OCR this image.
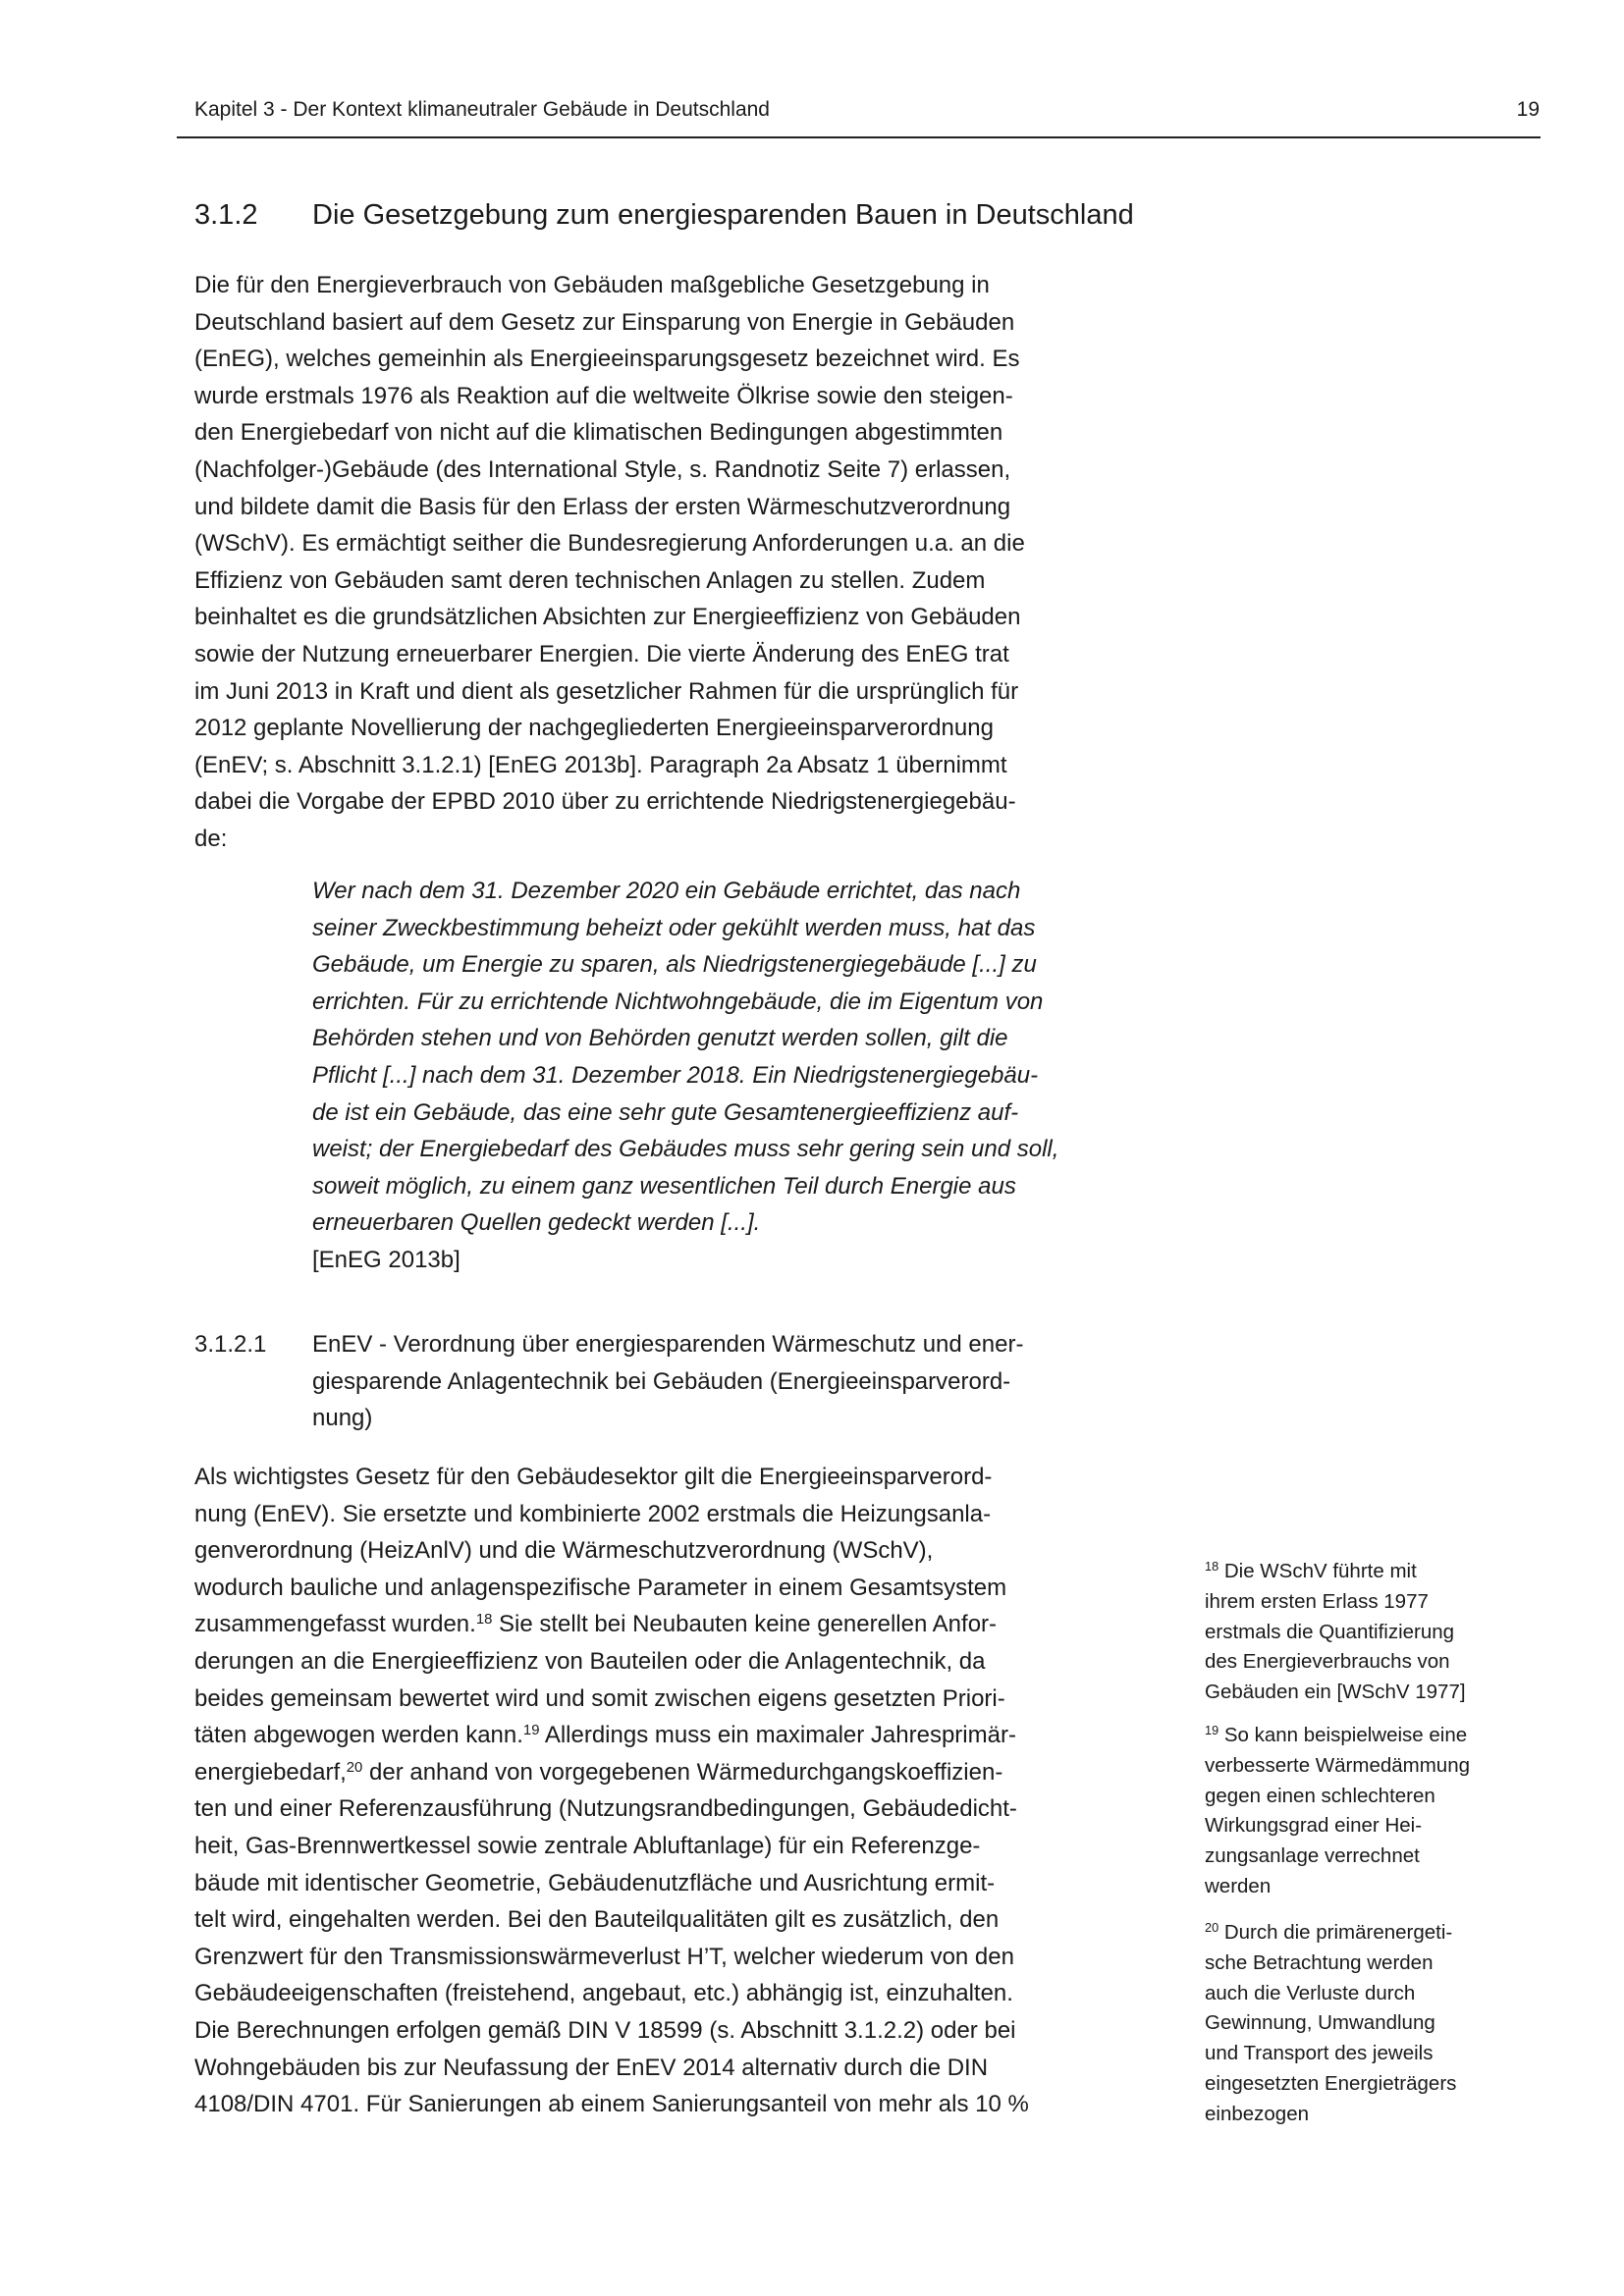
Kapitel 3 - Der Kontext klimaneutraler Gebäude in Deutschland	19
3.1.2 Die Gesetzgebung zum energiesparenden Bauen in Deutschland
Die für den Energieverbrauch von Gebäuden maßgebliche Gesetzgebung in
Deutschland basiert auf dem Gesetz zur Einsparung von Energie in Gebäuden
(EnEG), welches gemeinhin als Energieeinsparungsgesetz bezeichnet wird. Es
wurde erstmals 1976 als Reaktion auf die weltweite Ölkrise sowie den steigen-
den Energiebedarf von nicht auf die klimatischen Bedingungen abgestimmten
(Nachfolger-)Gebäude (des International Style, s. Randnotiz Seite 7) erlassen,
und bildete damit die Basis für den Erlass der ersten Wärmeschutzverordnung
(WSchV). Es ermächtigt seither die Bundesregierung Anforderungen u.a. an die
Effizienz von Gebäuden samt deren technischen Anlagen zu stellen. Zudem
beinhaltet es die grundsätzlichen Absichten zur Energieeffizienz von Gebäuden
sowie der Nutzung erneuerbarer Energien. Die vierte Änderung des EnEG trat
im Juni 2013 in Kraft und dient als gesetzlicher Rahmen für die ursprünglich für
2012 geplante Novellierung der nachgegliederten Energieeinsparverordnung
(EnEV; s. Abschnitt 3.1.2.1) [EnEG 2013b]. Paragraph 2a Absatz 1 übernimmt
dabei die Vorgabe der EPBD 2010 über zu errichtende Niedrigstenergiegebäu-
de:
Wer nach dem 31. Dezember 2020 ein Gebäude errichtet, das nach
seiner Zweckbestimmung beheizt oder gekühlt werden muss, hat das
Gebäude, um Energie zu sparen, als Niedrigstenergiegebäude [...] zu
errichten. Für zu errichtende Nichtwohngebäude, die im Eigentum von
Behörden stehen und von Behörden genutzt werden sollen, gilt die
Pflicht [...] nach dem 31. Dezember 2018. Ein Niedrigstenergiegebäu-
de ist ein Gebäude, das eine sehr gute Gesamtenergieeffizienz auf-
weist; der Energiebedarf des Gebäudes muss sehr gering sein und soll,
soweit möglich, zu einem ganz wesentlichen Teil durch Energie aus
erneuerbaren Quellen gedeckt werden [...].
[EnEG 2013b]
3.1.2.1 EnEV - Verordnung über energiesparenden Wärmeschutz und ener-
giesparende Anlagentechnik bei Gebäuden (Energieeinsparverord-
nung)
Als wichtigstes Gesetz für den Gebäudesektor gilt die Energieeinsparverord-
nung (EnEV). Sie ersetzte und kombinierte 2002 erstmals die Heizungsanla-
genverordnung (HeizAnlV) und die Wärmeschutzverordnung (WSchV),
wodurch bauliche und anlagenspezifische Parameter in einem Gesamtsystem
zusammengefasst wurden.$^{18}$ Sie stellt bei Neubauten keine generellen Anfor-
derungen an die Energieeffizienz von Bauteilen oder die Anlagentechnik, da
beides gemeinsam bewertet wird und somit zwischen eigens gesetzten Priori-
täten abgewogen werden kann.$^{19}$ Allerdings muss ein maximaler Jahresprimär-
energiebedarf,$^{20}$ der anhand von vorgegebenen Wärmedurchgangskoeffizien-
ten und einer Referenzausführung (Nutzungsrandbedingungen, Gebäudedicht-
heit, Gas-Brennwertkessel sowie zentrale Abluftanlage) für ein Referenzge-
bäude mit identischer Geometrie, Gebäudenutzfläche und Ausrichtung ermit-
telt wird, eingehalten werden. Bei den Bauteilqualitäten gilt es zusätzlich, den
Grenzwert für den Transmissionswärmeverlust H’T, welcher wiederum von den
Gebäudeeigenschaften (freistehend, angebaut, etc.) abhängig ist, einzuhalten.
Die Berechnungen erfolgen gemäß DIN V 18599 (s. Abschnitt 3.1.2.2) oder bei
Wohngebäuden bis zur Neufassung der EnEV 2014 alternativ durch die DIN
4108/DIN 4701. Für Sanierungen ab einem Sanierungsanteil von mehr als 10 %
$^{18}$ Die WSchV führte mit
ihrem ersten Erlass 1977
erstmals die Quantifizierung
des Energieverbrauchs von
Gebäuden ein [WSchV 1977]
$^{19}$ So kann beispielweise eine
verbesserte Wärmedämmung
gegen einen schlechteren
Wirkungsgrad einer Hei-
zungsanlage verrechnet
werden
$^{20}$ Durch die primärenergeti-
sche Betrachtung werden
auch die Verluste durch
Gewinnung, Umwandlung
und Transport des jeweils
eingesetzten Energieträgers
einbezogen
